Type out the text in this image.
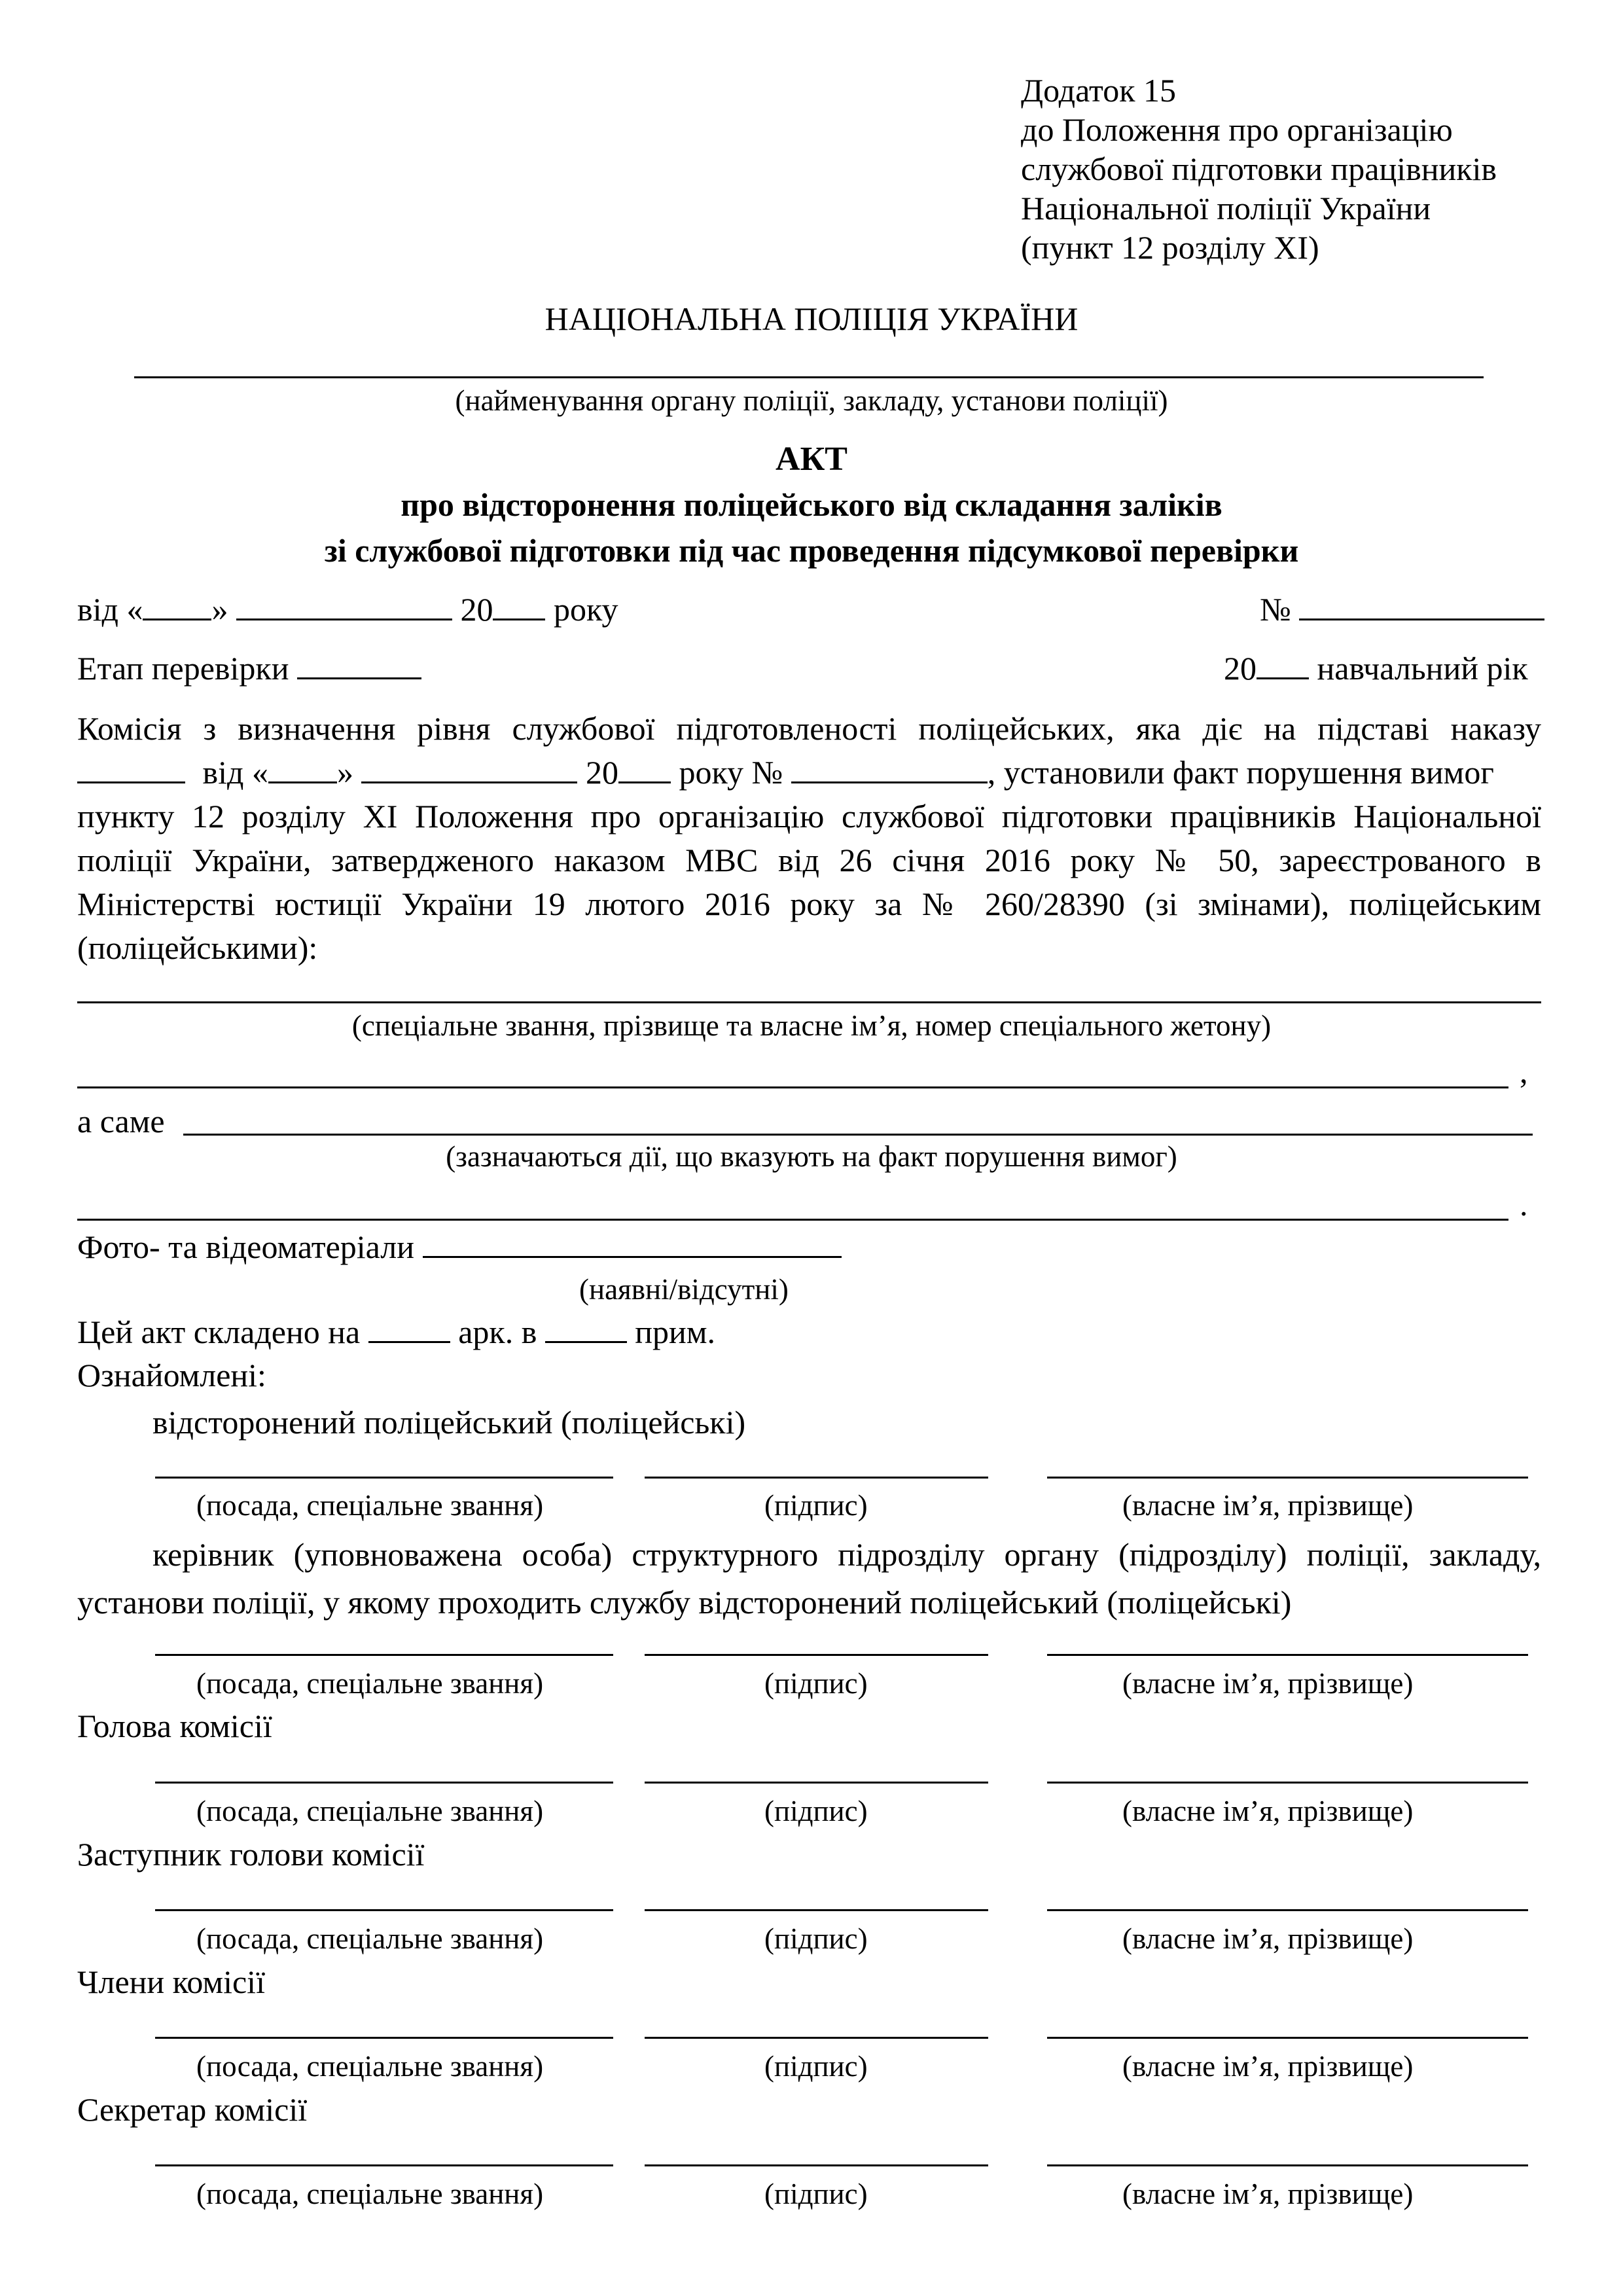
Додаток 15
до Положення про організацію
службової підготовки працівників
Національної поліції України
(пункт 12 розділу XI)
НАЦІОНАЛЬНА ПОЛІЦІЯ УКРАЇНИ
(найменування органу поліції, закладу, установи поліції)
АКТ
про відсторонення поліцейського від складання заліків
зі службової підготовки під час проведення підсумкової перевірки
від « »	20 року	№
Етап перевірки	20 навчальний рік
Комісія з визначення рівня службової підготовленості поліцейських, яка діє на підставі наказу
від « »	20 року №	, установили факт порушення вимог
пункту 12 розділу XI Положення про організацію службової підготовки працівників Національної
поліції України, затвердженого наказом МВС від 26 січня 2016 року № 50, зареєстрованого в
Міністерстві юстиції України 19 лютого 2016 року за № 260/28390 (зі змінами), поліцейським
(поліцейськими):
(спеціальне звання, прізвище та власне ім’я, номер спеціального жетону)
,
а саме
(зазначаються дії, що вказують на факт порушення вимог)
.
Фото- та відеоматеріали
(наявні/відсутні)
Цей акт складено на	арк. в	прим.
Ознайомлені:
відсторонений поліцейський (поліцейські)
(посада, спеціальне звання)	(підпис)	(власне ім’я, прізвище)
керівник (уповноважена особа) структурного підрозділу органу (підрозділу) поліції, закладу,
установи поліції, у якому проходить службу відсторонений поліцейський (поліцейські)
(посада, спеціальне звання)	(підпис)	(власне ім’я, прізвище)
Голова комісії
(посада, спеціальне звання)	(підпис)	(власне ім’я, прізвище)
Заступник голови комісії
(посада, спеціальне звання)	(підпис)	(власне ім’я, прізвище)
Члени комісії
(посада, спеціальне звання)	(підпис)	(власне ім’я, прізвище)
Секретар комісії
(посада, спеціальне звання)	(підпис)	(власне ім’я, прізвище)
